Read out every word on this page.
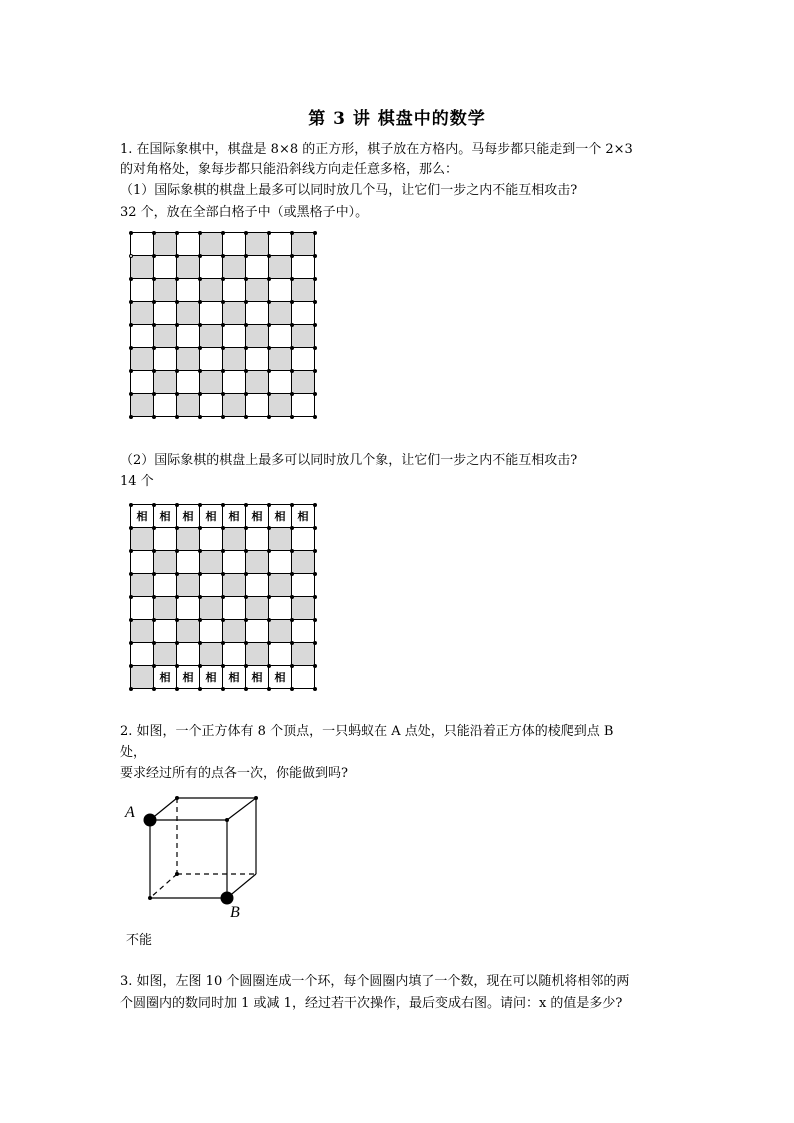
第 3 讲 棋盘中的数学
1. 在国际象棋中，棋盘是 8×8 的正方形，棋子放在方格内。马每步都只能走到一个 2×3
的对角格处，象每步都只能沿斜线方向走任意多格，那么：
（1）国际象棋的棋盘上最多可以同时放几个马，让它们一步之内不能互相攻击?
32 个，放在全部白格子中（或黑格子中）。
（2）国际象棋的棋盘上最多可以同时放几个象，让它们一步之内不能互相攻击?
14 个
相	相	相	相	相	相	相	相
相	相	相	相	相	相
2. 如图，一个正方体有 8 个顶点，一只蚂蚁在 A 点处，只能沿着正方体的棱爬到点 B
处，
要求经过所有的点各一次，你能做到吗?
A
B
不能
3. 如图，左图 10 个圆圈连成一个环，每个圆圈内填了一个数，现在可以随机将相邻的两
个圆圈内的数同时加 1 或减 1，经过若干次操作，最后变成右图。请问：x 的值是多少?
